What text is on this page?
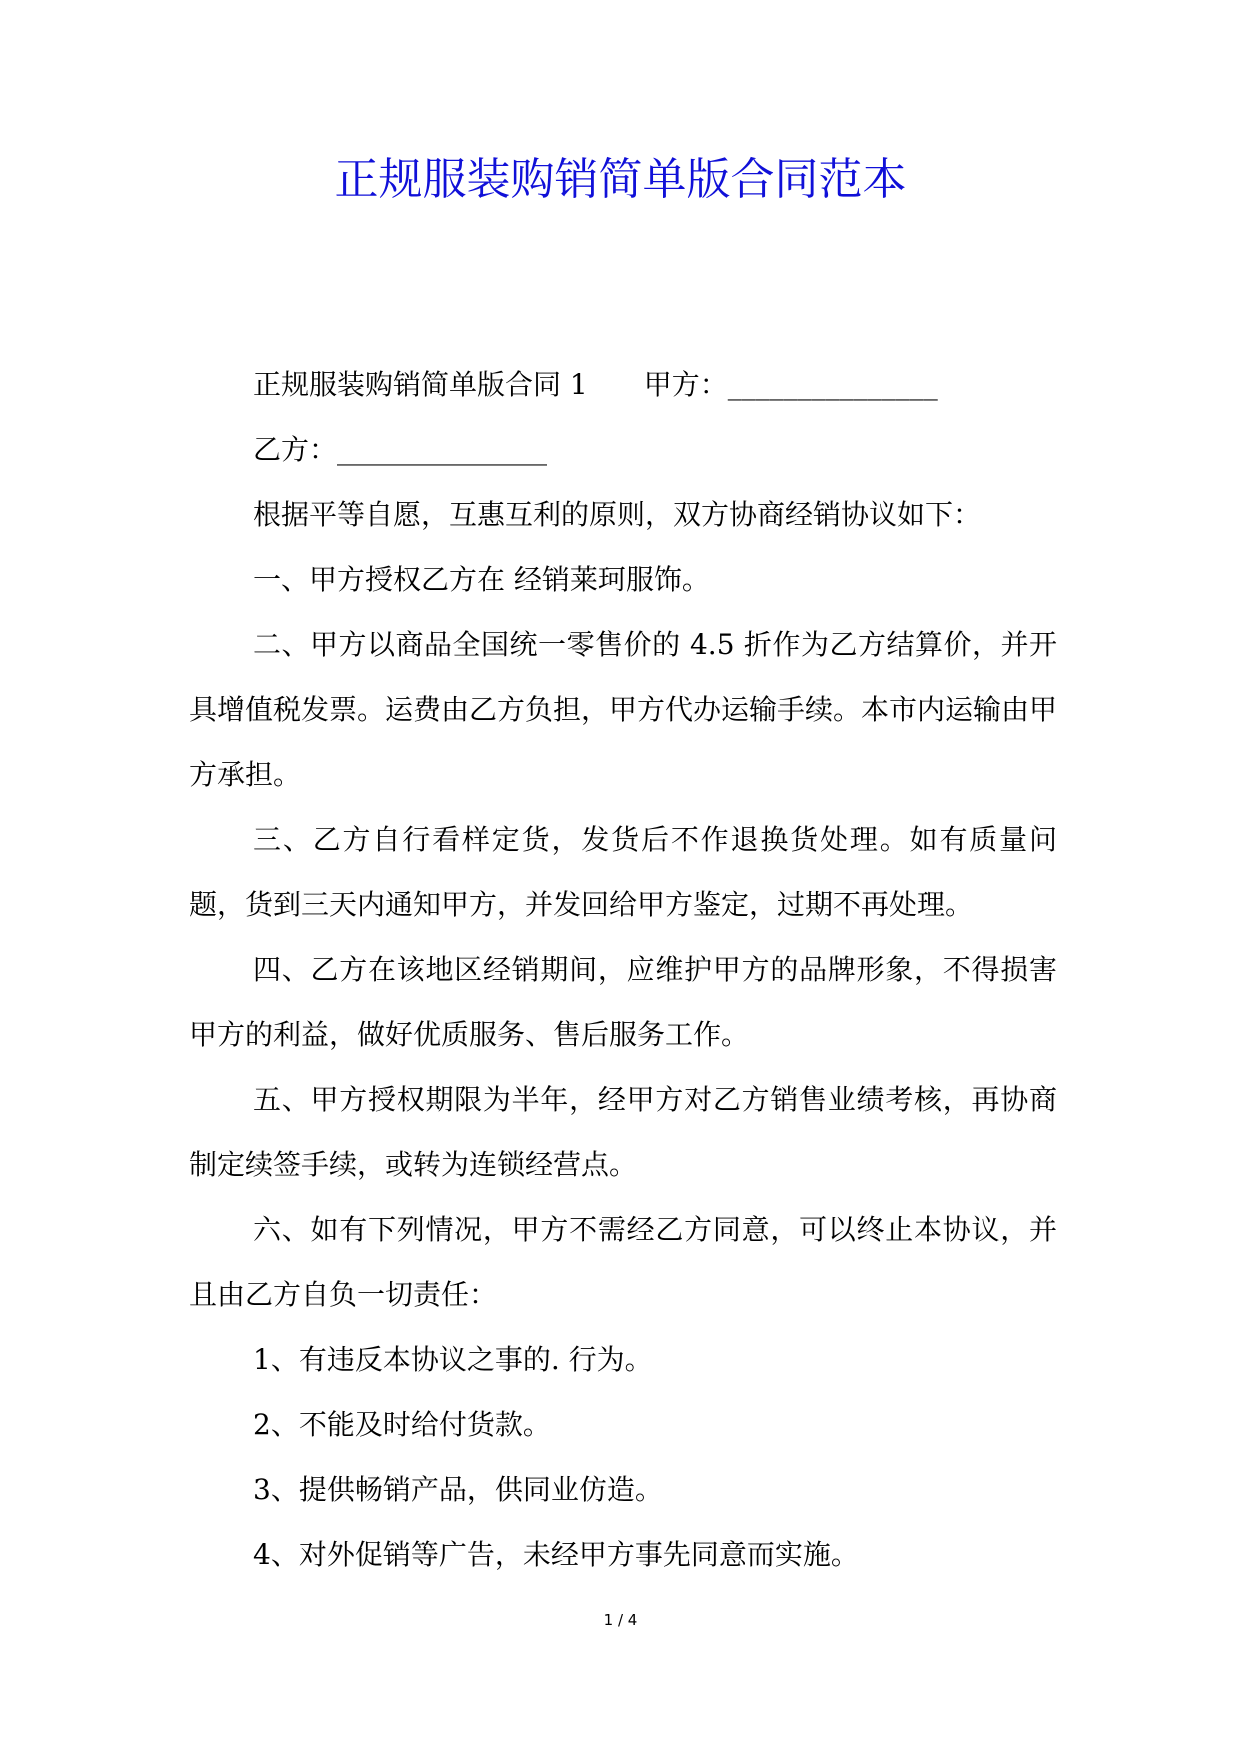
正规服装购销简单版合同范本

正规服装购销简单版合同 1　　甲方：_______________

乙方：_______________

根据平等自愿，互惠互利的原则，双方协商经销协议如下：

一、甲方授权乙方在 经销莱珂服饰。

二、甲方以商品全国统一零售价的 4.5 折作为乙方结算价，并开具增值税发票。运费由乙方负担，甲方代办运输手续。本市内运输由甲方承担。

三、乙方自行看样定货，发货后不作退换货处理。如有质量问题，货到三天内通知甲方，并发回给甲方鉴定，过期不再处理。

四、乙方在该地区经销期间，应维护甲方的品牌形象，不得损害甲方的利益，做好优质服务、售后服务工作。

五、甲方授权期限为半年，经甲方对乙方销售业绩考核，再协商制定续签手续，或转为连锁经营点。

六、如有下列情况，甲方不需经乙方同意，可以终止本协议，并且由乙方自负一切责任：

1、有违反本协议之事的. 行为。

2、不能及时给付货款。

3、提供畅销产品，供同业仿造。

4、对外促销等广告，未经甲方事先同意而实施。

1 / 4
